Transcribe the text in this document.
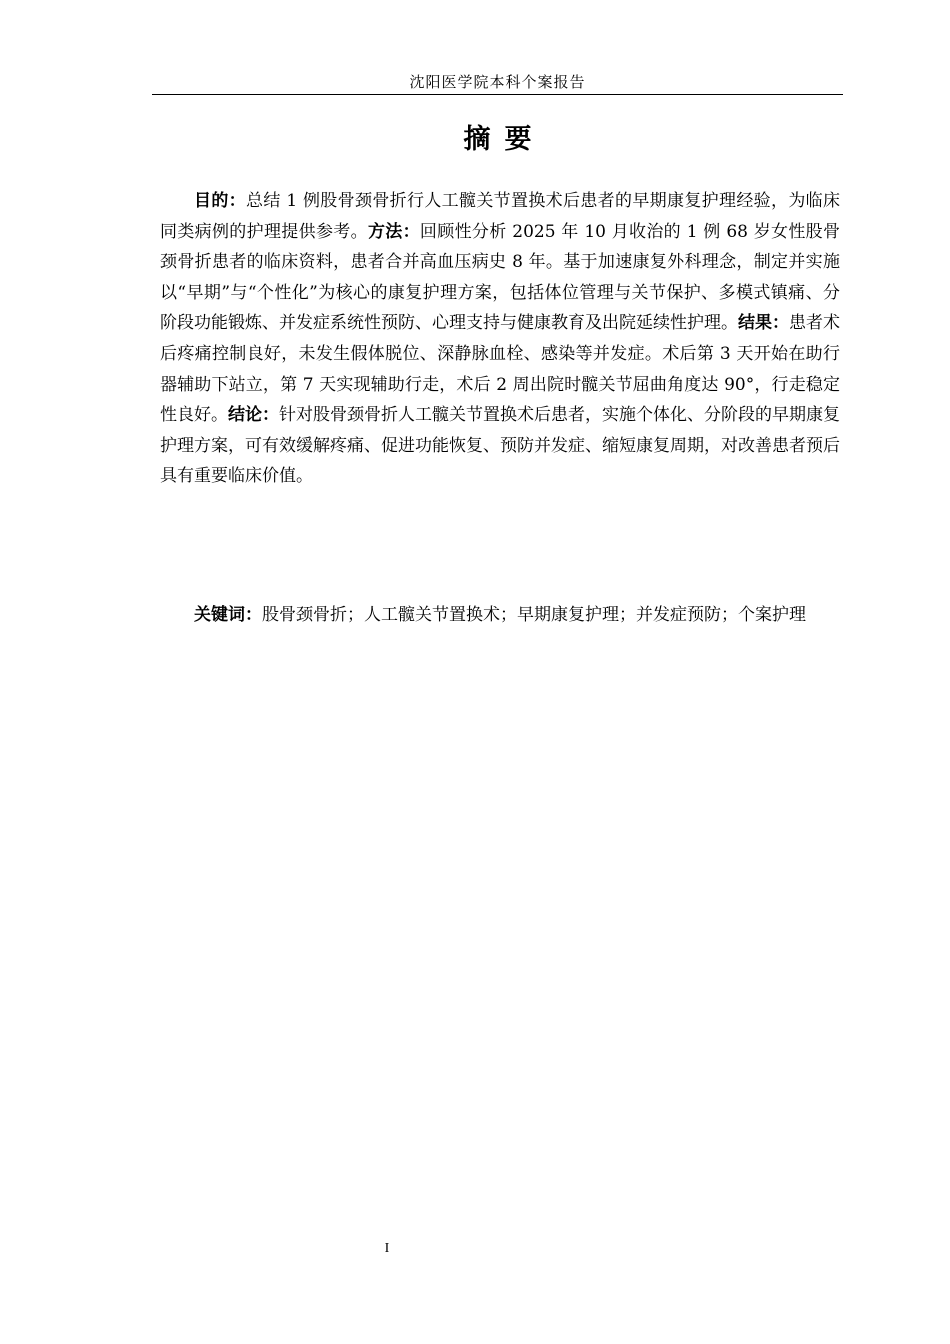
沈阳医学院本科个案报告
摘要

目的：总结 1 例股骨颈骨折行人工髋关节置换术后患者的早期康复护理经验，为临床同类病例的护理提供参考。方法：回顾性分析 2025 年 10 月收治的 1 例 68 岁女性股骨颈骨折患者的临床资料，患者合并高血压病史 8 年。基于加速康复外科理念，制定并实施以“早期”与“个性化”为核心的康复护理方案，包括体位管理与关节保护、多模式镇痛、分阶段功能锻炼、并发症系统性预防、心理支持与健康教育及出院延续性护理。结果：患者术后疼痛控制良好，未发生假体脱位、深静脉血栓、感染等并发症。术后第 3 天开始在助行器辅助下站立，第 7 天实现辅助行走，术后 2 周出院时髋关节屈曲角度达 90°，行走稳定性良好。结论：针对股骨颈骨折人工髋关节置换术后患者，实施个体化、分阶段的早期康复护理方案，可有效缓解疼痛、促进功能恢复、预防并发症、缩短康复周期，对改善患者预后具有重要临床价值。

关键词：股骨颈骨折；人工髋关节置换术；早期康复护理；并发症预防；个案护理

I
